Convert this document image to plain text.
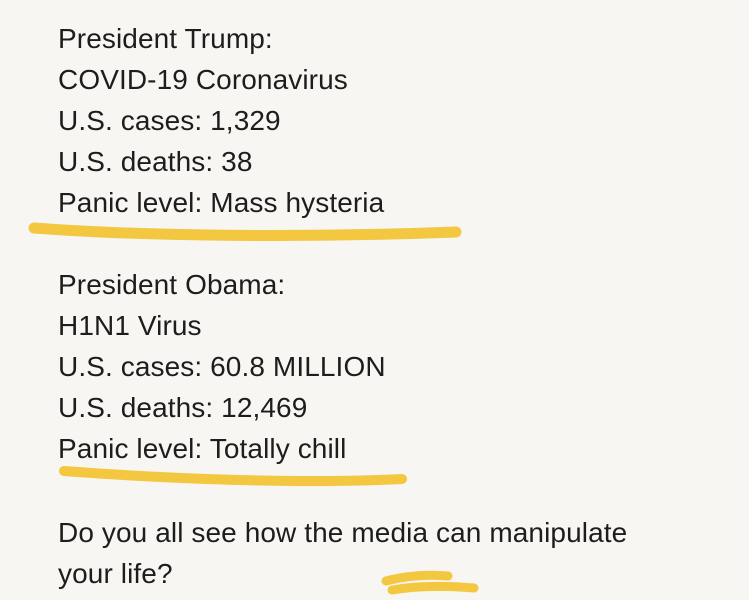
President Trump:
COVID-19 Coronavirus
U.S. cases: 1,329
U.S. deaths: 38
Panic level: Mass hysteria
President Obama:
H1N1 Virus
U.S. cases: 60.8 MILLION
U.S. deaths: 12,469
Panic level: Totally chill
Do you all see how the media can manipulate
your life?
